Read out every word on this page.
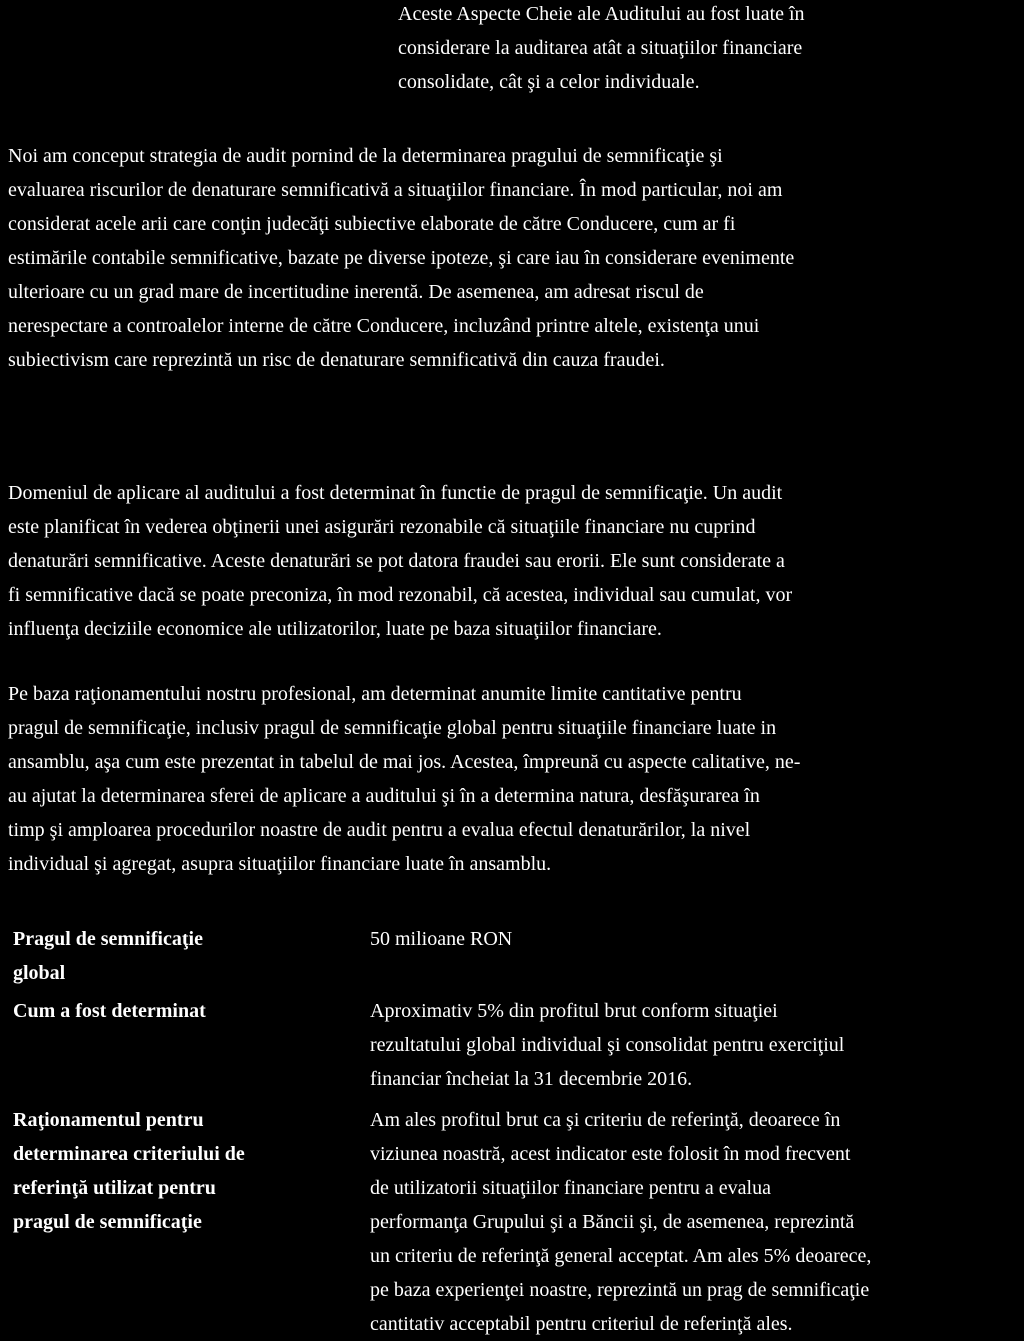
Aceste Aspecte Cheie ale Auditului au fost luate în
considerare la auditarea atât a situaţiilor financiare
consolidate, cât şi a celor individuale.

Noi am conceput strategia de audit pornind de la determinarea pragului de semnificaţie şi
evaluarea riscurilor de denaturare semnificativă a situaţiilor financiare. În mod particular, noi am
considerat acele arii care conţin judecăţi subiective elaborate de către Conducere, cum ar fi
estimările contabile semnificative, bazate pe diverse ipoteze, şi care iau în considerare evenimente
ulterioare cu un grad mare de incertitudine inerentă. De asemenea, am adresat riscul de
nerespectare a controalelor interne de către Conducere, incluzând printre altele, existenţa unui
subiectivism care reprezintă un risc de denaturare semnificativă din cauza fraudei.

Domeniul de aplicare al auditului a fost determinat în functie de pragul de semnificaţie. Un audit
este planificat în vederea obţinerii unei asigurări rezonabile că situaţiile financiare nu cuprind
denaturări semnificative. Aceste denaturări se pot datora fraudei sau erorii. Ele sunt considerate a
fi semnificative dacă se poate preconiza, în mod rezonabil, că acestea, individual sau cumulat, vor
influenţa deciziile economice ale utilizatorilor, luate pe baza situaţiilor financiare.

Pe baza raţionamentului nostru profesional, am determinat anumite limite cantitative pentru
pragul de semnificaţie, inclusiv pragul de semnificaţie global pentru situaţiile financiare luate in
ansamblu, aşa cum este prezentat in tabelul de mai jos. Acestea, împreună cu aspecte calitative, ne-
au ajutat la determinarea sferei de aplicare a auditului şi în a determina natura, desfăşurarea în
timp şi amploarea procedurilor noastre de audit pentru a evalua efectul denaturărilor, la nivel
individual şi agregat, asupra situaţiilor financiare luate în ansamblu.

Pragul de semnificaţie
global
50 milioane RON
Cum a fost determinat	Aproximativ 5% din profitul brut conform situaţiei
rezultatului global individual şi consolidat pentru exerciţiul
financiar încheiat la 31 decembrie 2016.
Raţionamentul pentru
determinarea criteriului de
referinţă utilizat pentru
pragul de semnificaţie
Am ales profitul brut ca şi criteriu de referinţă, deoarece în
viziunea noastră, acest indicator este folosit în mod frecvent
de utilizatorii situaţiilor financiare pentru a evalua
performanţa Grupului şi a Băncii şi, de asemenea, reprezintă
un criteriu de referinţă general acceptat. Am ales 5% deoarece,
pe baza experienţei noastre, reprezintă un prag de semnificaţie
cantitativ acceptabil pentru criteriul de referinţă ales.
